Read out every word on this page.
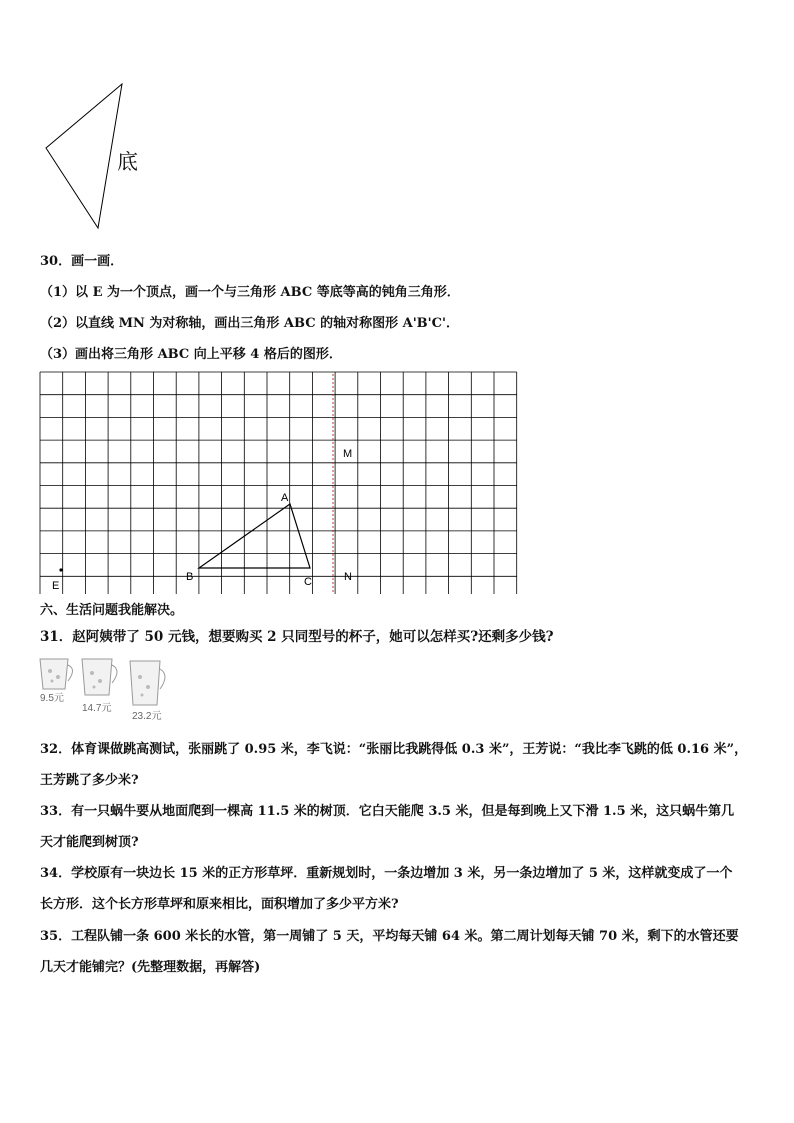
底
30．画一画．
（1）以 E 为一个顶点，画一个与三角形 ABC 等底等高的钝角三角形．
（2）以直线 MN 为对称轴，画出三角形 ABC 的轴对称图形 A'B'C'．
（3）画出将三角形 ABC 向上平移 4 格后的图形．
M
A
B	C	N
E
六、生活问题我能解决。
31．赵阿姨带了 50 元钱，想要购买 2 只同型号的杯子，她可以怎样买?还剩多少钱?
9.5元
14.7元
23.2元
32．体育课做跳高测试，张丽跳了 0.95 米，李飞说：“张丽比我跳得低 0.3 米”，王芳说：“我比李飞跳的低 0.16 米”，
王芳跳了多少米?
33．有一只蜗牛要从地面爬到一棵高 11.5 米的树顶．它白天能爬 3.5 米，但是每到晚上又下滑 1.5 米，这只蜗牛第几
天才能爬到树顶?
34．学校原有一块边长 15 米的正方形草坪．重新规划时，一条边增加 3 米，另一条边增加了 5 米，这样就变成了一个
长方形．这个长方形草坪和原来相比，面积增加了多少平方米?
35．工程队铺一条 600 米长的水管，第一周铺了 5 天，平均每天铺 64 米。第二周计划每天铺 70 米，剩下的水管还要
几天才能铺完？(先整理数据，再解答)
